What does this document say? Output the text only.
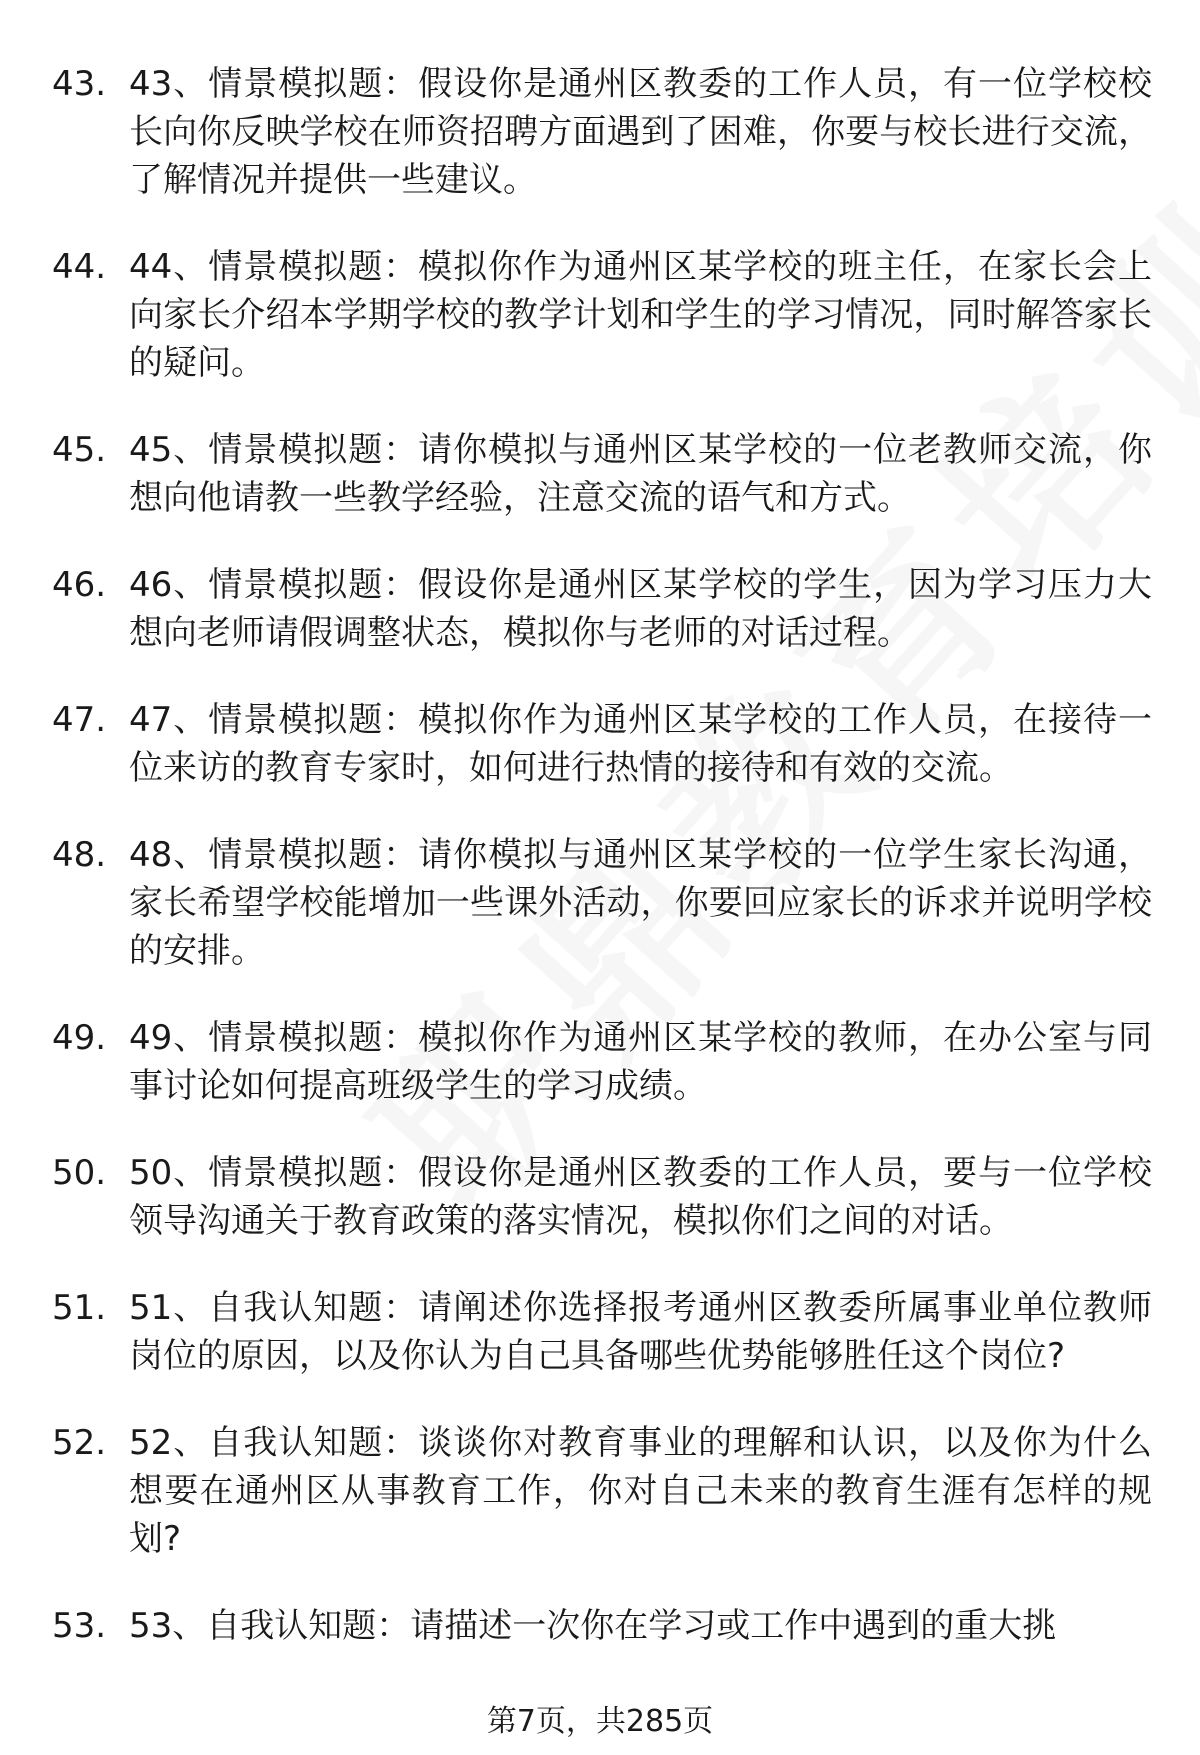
43. 43、情景模拟题：假设你是通州区教委的工作人员，有一位学校校长向你反映学校在师资招聘方面遇到了困难，你要与校长进行交流，了解情况并提供一些建议。
44. 44、情景模拟题：模拟你作为通州区某学校的班主任，在家长会上向家长介绍本学期学校的教学计划和学生的学习情况，同时解答家长的疑问。
45. 45、情景模拟题：请你模拟与通州区某学校的一位老教师交流，你想向他请教一些教学经验，注意交流的语气和方式。
46. 46、情景模拟题：假设你是通州区某学校的学生，因为学习压力大想向老师请假调整状态，模拟你与老师的对话过程。
47. 47、情景模拟题：模拟你作为通州区某学校的工作人员，在接待一位来访的教育专家时，如何进行热情的接待和有效的交流。
48. 48、情景模拟题：请你模拟与通州区某学校的一位学生家长沟通，家长希望学校能增加一些课外活动，你要回应家长的诉求并说明学校的安排。
49. 49、情景模拟题：模拟你作为通州区某学校的教师，在办公室与同事讨论如何提高班级学生的学习成绩。
50. 50、情景模拟题：假设你是通州区教委的工作人员，要与一位学校领导沟通关于教育政策的落实情况，模拟你们之间的对话。
51. 51、自我认知题：请阐述你选择报考通州区教委所属事业单位教师岗位的原因，以及你认为自己具备哪些优势能够胜任这个岗位?
52. 52、自我认知题：谈谈你对教育事业的理解和认识，以及你为什么想要在通州区从事教育工作，你对自己未来的教育生涯有怎样的规划?
53. 53、自我认知题：请描述一次你在学习或工作中遇到的重大挑
第7页，共285页
